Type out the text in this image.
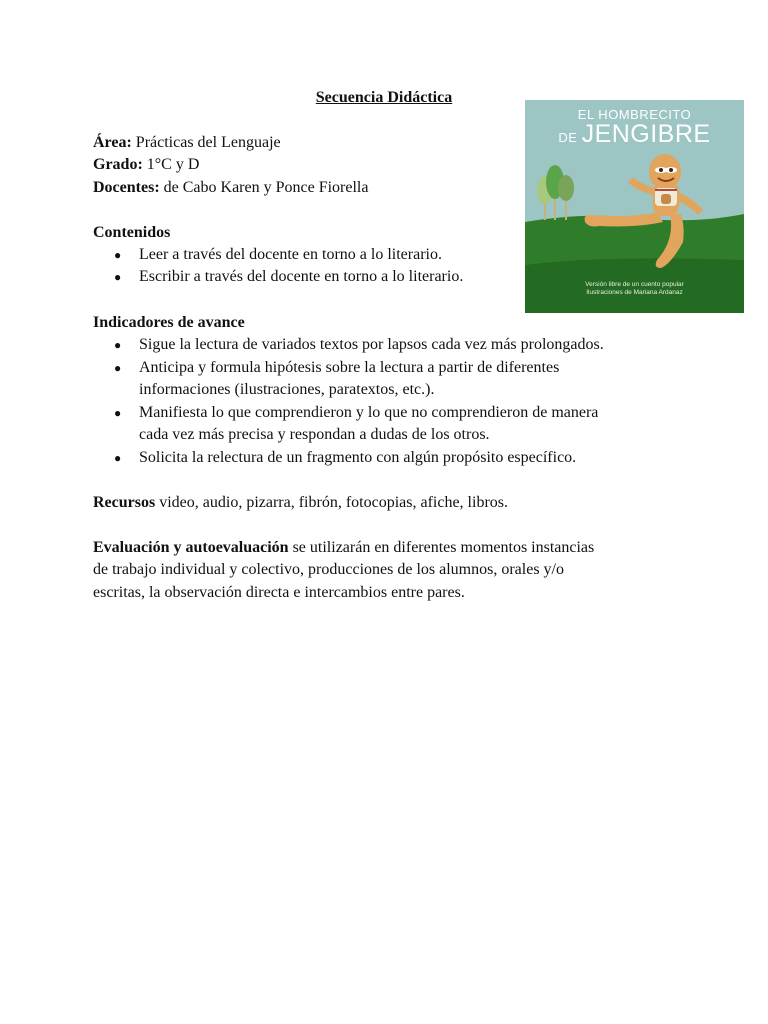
Secuencia Didáctica
Área: Prácticas del Lenguaje
Grado: 1°C y D
Docentes: de Cabo Karen y Ponce Fiorella
Contenidos
● Leer a través del docente en torno a lo literario.
● Escribir a través del docente en torno a lo literario.
Indicadores de avance
● Sigue la lectura de variados textos por lapsos cada vez más prolongados.
● Anticipa y formula hipótesis sobre la lectura a partir de diferentes
informaciones (ilustraciones, paratextos, etc.).
● Manifiesta lo que comprendieron y lo que no comprendieron de manera
cada vez más precisa y respondan a dudas de los otros.
● Solicita la relectura de un fragmento con algún propósito específico.
Recursos video, audio, pizarra, fibrón, fotocopias, afiche, libros.
Evaluación y autoevaluación se utilizarán en diferentes momentos instancias
de trabajo individual y colectivo, producciones de los alumnos, orales y/o
escritas, la observación directa e intercambios entre pares.
EL HOMBRECITO
DE JENGIBRE
Versión libre de un cuento popular
Ilustraciones de Mariana Ardanaz
